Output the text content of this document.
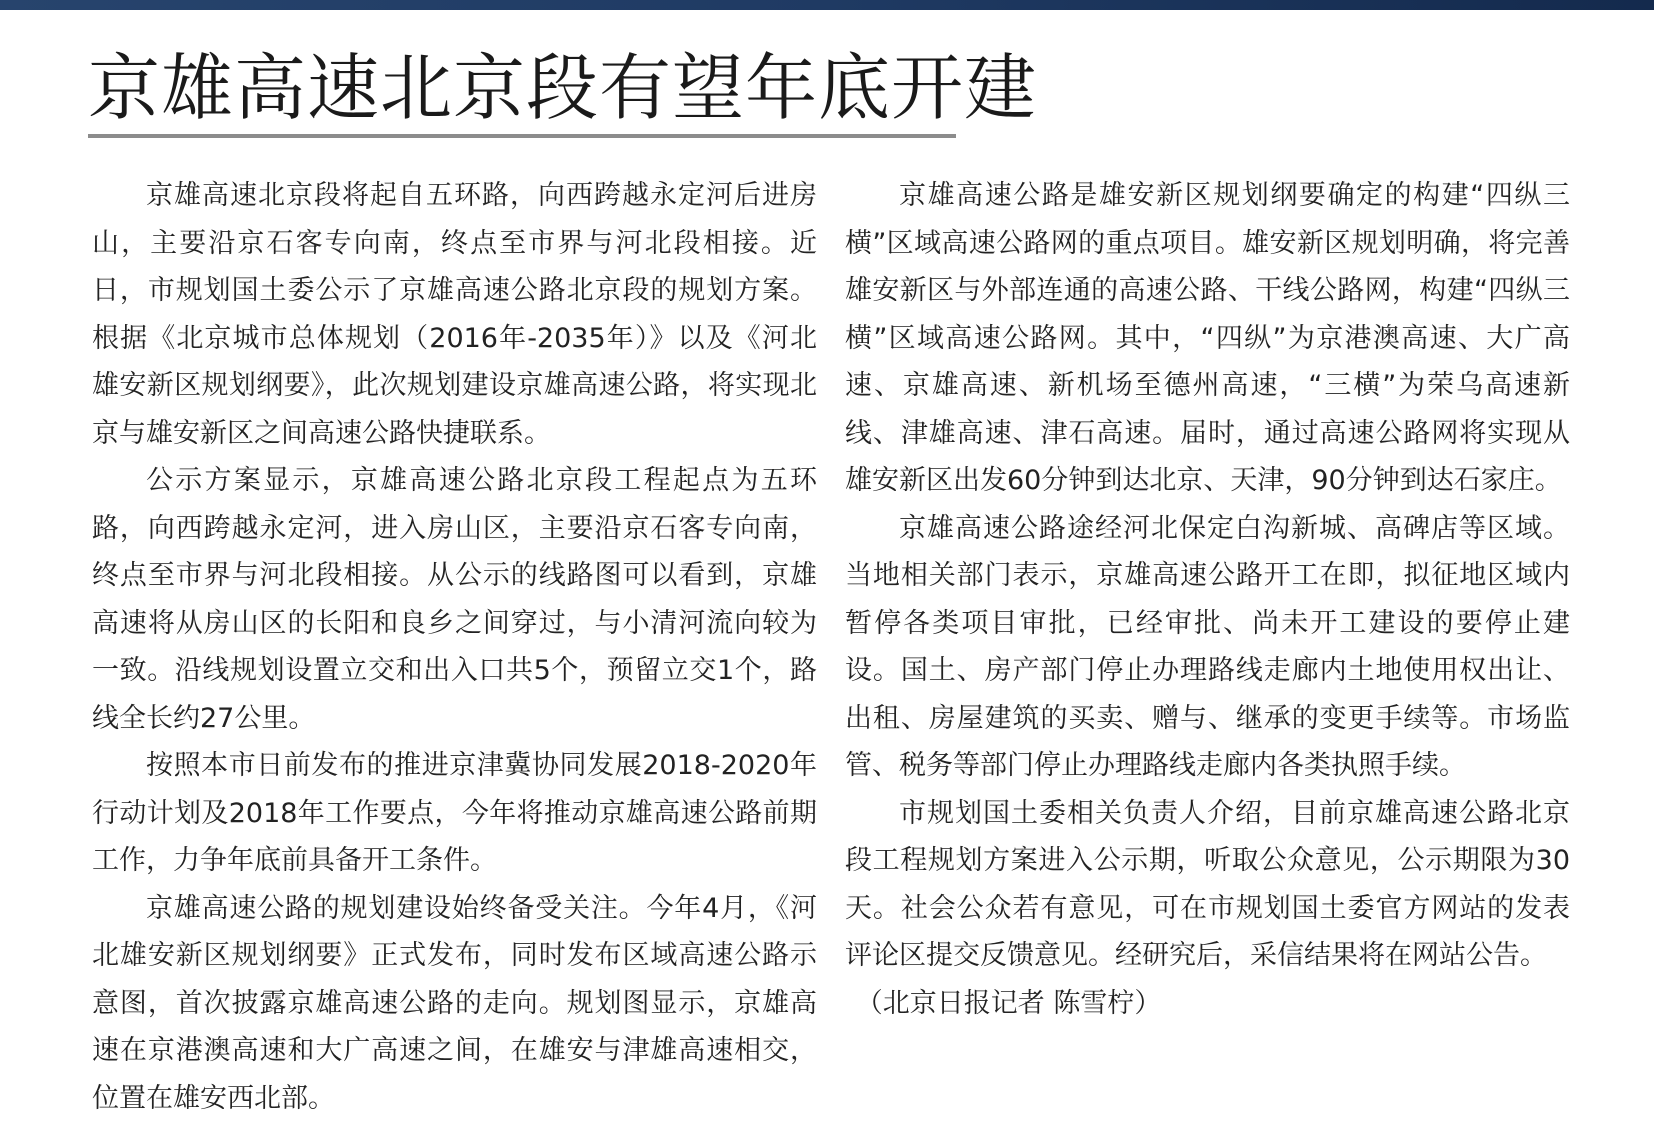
京雄高速北京段有望年底开建

京雄高速北京段将起自五环路，向西跨越永定河后进房山，主要沿京石客专向南，终点至市界与河北段相接。近日，市规划国土委公示了京雄高速公路北京段的规划方案。根据《北京城市总体规划（2016年-2035年）》以及《河北雄安新区规划纲要》，此次规划建设京雄高速公路，将实现北京与雄安新区之间高速公路快捷联系。

公示方案显示，京雄高速公路北京段工程起点为五环路，向西跨越永定河，进入房山区，主要沿京石客专向南，终点至市界与河北段相接。从公示的线路图可以看到，京雄高速将从房山区的长阳和良乡之间穿过，与小清河流向较为一致。沿线规划设置立交和出入口共5个，预留立交1个，路线全长约27公里。

按照本市日前发布的推进京津冀协同发展2018-2020年行动计划及2018年工作要点，今年将推动京雄高速公路前期工作，力争年底前具备开工条件。

京雄高速公路的规划建设始终备受关注。今年4月，《河北雄安新区规划纲要》正式发布，同时发布区域高速公路示意图，首次披露京雄高速公路的走向。规划图显示，京雄高速在京港澳高速和大广高速之间，在雄安与津雄高速相交，位置在雄安西北部。

京雄高速公路是雄安新区规划纲要确定的构建“四纵三横”区域高速公路网的重点项目。雄安新区规划明确，将完善雄安新区与外部连通的高速公路、干线公路网，构建“四纵三横”区域高速公路网。其中，“四纵”为京港澳高速、大广高速、京雄高速、新机场至德州高速，“三横”为荣乌高速新线、津雄高速、津石高速。届时，通过高速公路网将实现从雄安新区出发60分钟到达北京、天津，90分钟到达石家庄。

京雄高速公路途经河北保定白沟新城、高碑店等区域。当地相关部门表示，京雄高速公路开工在即，拟征地区域内暂停各类项目审批，已经审批、尚未开工建设的要停止建设。国土、房产部门停止办理路线走廊内土地使用权出让、出租、房屋建筑的买卖、赠与、继承的变更手续等。市场监管、税务等部门停止办理路线走廊内各类执照手续。

市规划国土委相关负责人介绍，目前京雄高速公路北京段工程规划方案进入公示期，听取公众意见，公示期限为30天。社会公众若有意见，可在市规划国土委官方网站的发表评论区提交反馈意见。经研究后，采信结果将在网站公告。

（北京日报记者 陈雪柠）
